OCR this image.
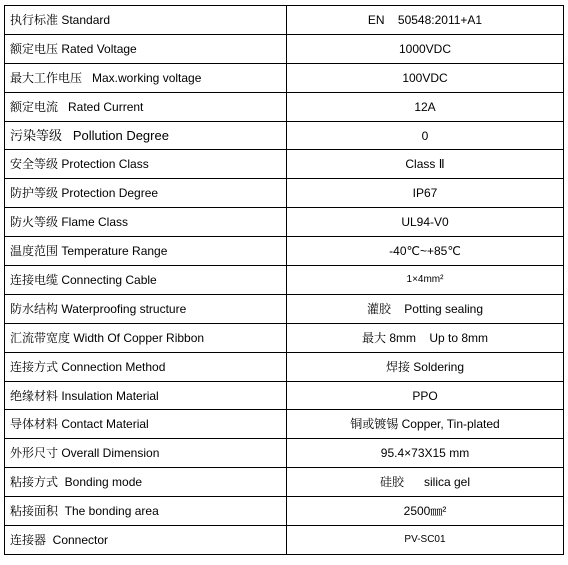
执行标准 Standard	EN    50548:2011+A1
额定电压 Rated Voltage	1000VDC
最大工作电压   Max.working voltage	100VDC
额定电流   Rated Current	12A
污染等级   Pollution Degree	0
安全等级 Protection Class	Class Ⅱ
防护等级 Protection Degree	IP67
防火等级 Flame Class	UL94-V0
温度范围 Temperature Range	-40℃~+85℃
连接电缆 Connecting Cable	1×4mm²
防水结构 Waterproofing structure	灌胶    Potting sealing
汇流带宽度 Width Of Copper Ribbon	最大 8mm    Up to 8mm
连接方式 Connection Method	焊接 Soldering
绝缘材料 Insulation Material	PPO
导体材料 Contact Material	铜或镀锡 Copper, Tin-plated
外形尺寸 Overall Dimension	95.4×73X15 mm
粘接方式  Bonding mode	硅胶      silica gel
粘接面积  The bonding area	2500㎜²
连接器  Connector	PV-SC01
